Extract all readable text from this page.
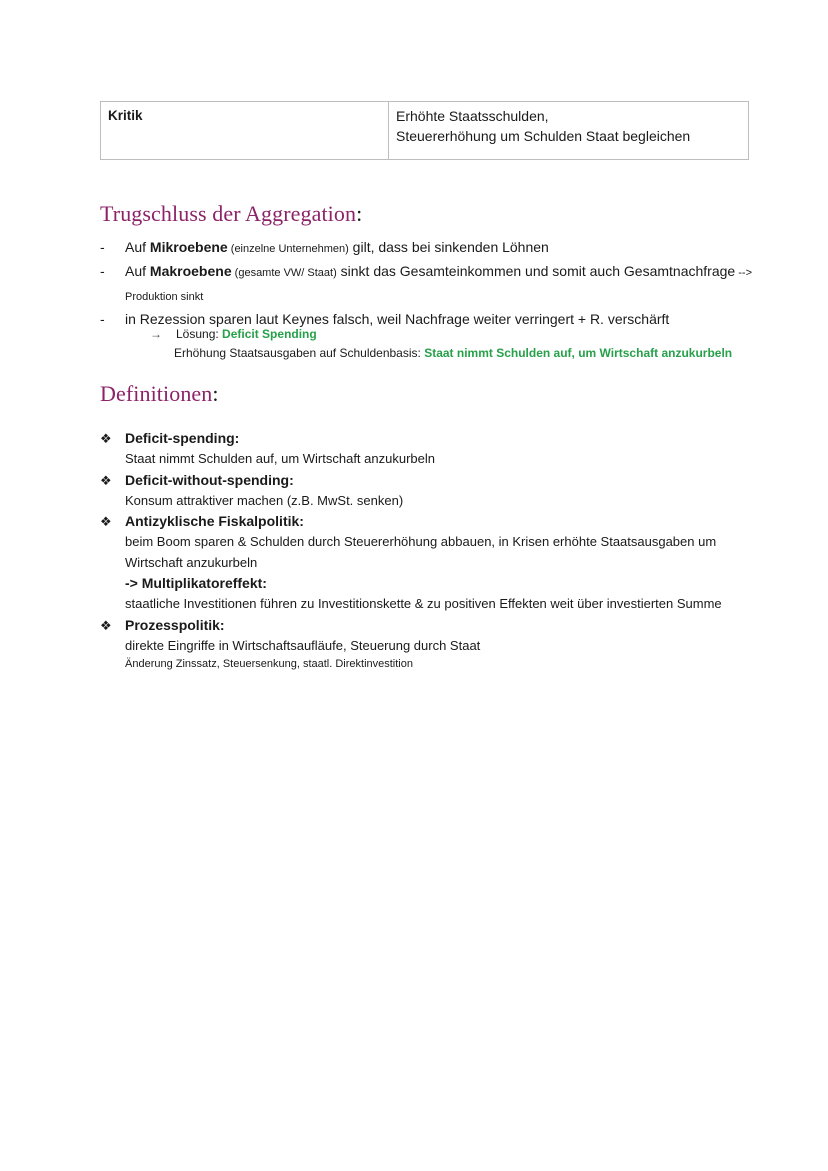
Kritik	Erhöhte Staatsschulden,
Steuererhöhung um Schulden Staat begleichen
Trugschluss der Aggregation:
- Auf Mikroebene (einzelne Unternehmen) gilt, dass bei sinkenden Löhnen
- Auf Makroebene (gesamte VW/ Staat) sinkt das Gesamteinkommen und somit auch Gesamtnachfrage --> Produktion sinkt
- in Rezession sparen laut Keynes falsch, weil Nachfrage weiter verringert + R. verschärft
→ Lösung: Deficit Spending
Erhöhung Staatsausgaben auf Schuldenbasis: Staat nimmt Schulden auf, um Wirtschaft anzukurbeln
Definitionen:
❖ Deficit-spending:
Staat nimmt Schulden auf, um Wirtschaft anzukurbeln
❖ Deficit-without-spending:
Konsum attraktiver machen (z.B. MwSt. senken)
❖ Antizyklische Fiskalpolitik:
beim Boom sparen & Schulden durch Steuererhöhung abbauen, in Krisen erhöhte Staatsausgaben um Wirtschaft anzukurbeln
-> Multiplikatoreffekt:
staatliche Investitionen führen zu Investitionskette & zu positiven Effekten weit über investierten Summe
❖ Prozesspolitik:
direkte Eingriffe in Wirtschaftsaufläufe, Steuerung durch Staat
Änderung Zinssatz, Steuersenkung, staatl. Direktinvestition
